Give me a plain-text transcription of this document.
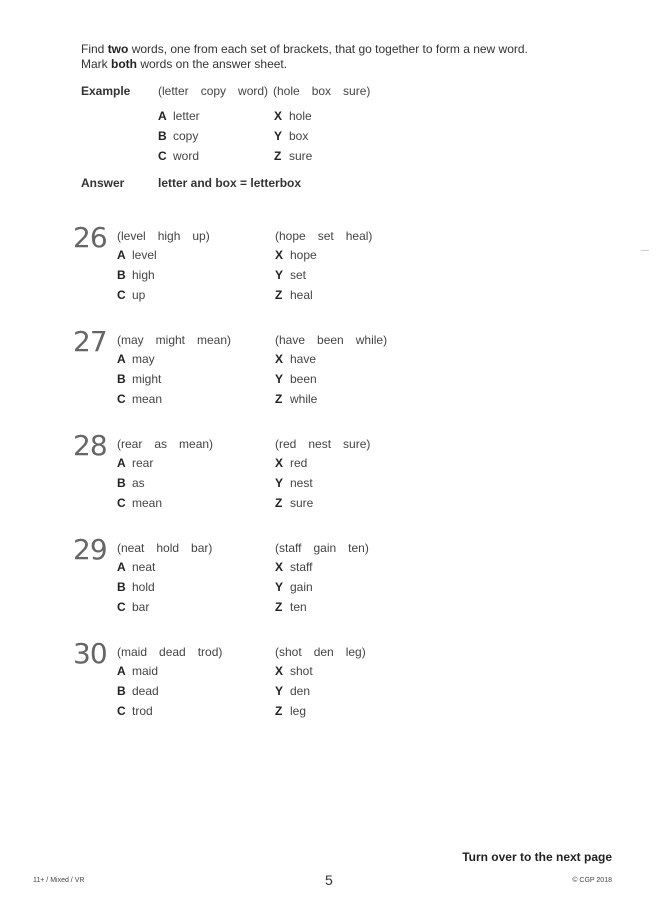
Find two words, one from each set of brackets, that go together to form a new word.
Mark both words on the answer sheet.
Example (letter copy word) (hole box sure)
A letter
B copy
C word
X hole
Y box
Z sure
Answer	letter and box = letterbox
26 (level high up)	(hope set heal)
A level
B high
C up
X hope
Y set
Z heal
27 (may might mean)	(have been while)
A may
B might
C mean
X have
Y been
Z while
28 (rear as mean)	(red nest sure)
A rear
B as
C mean
X red
Y nest
Z sure
29 (neat hold bar)	(staff gain ten)
A neat
B hold
C bar
X staff
Y gain
Z ten
30 (maid dead trod)	(shot den leg)
A maid
B dead
C trod
X shot
Y den
Z leg
Turn over to the next page
11+ / Mixed / VR	5	© CGP 2018
